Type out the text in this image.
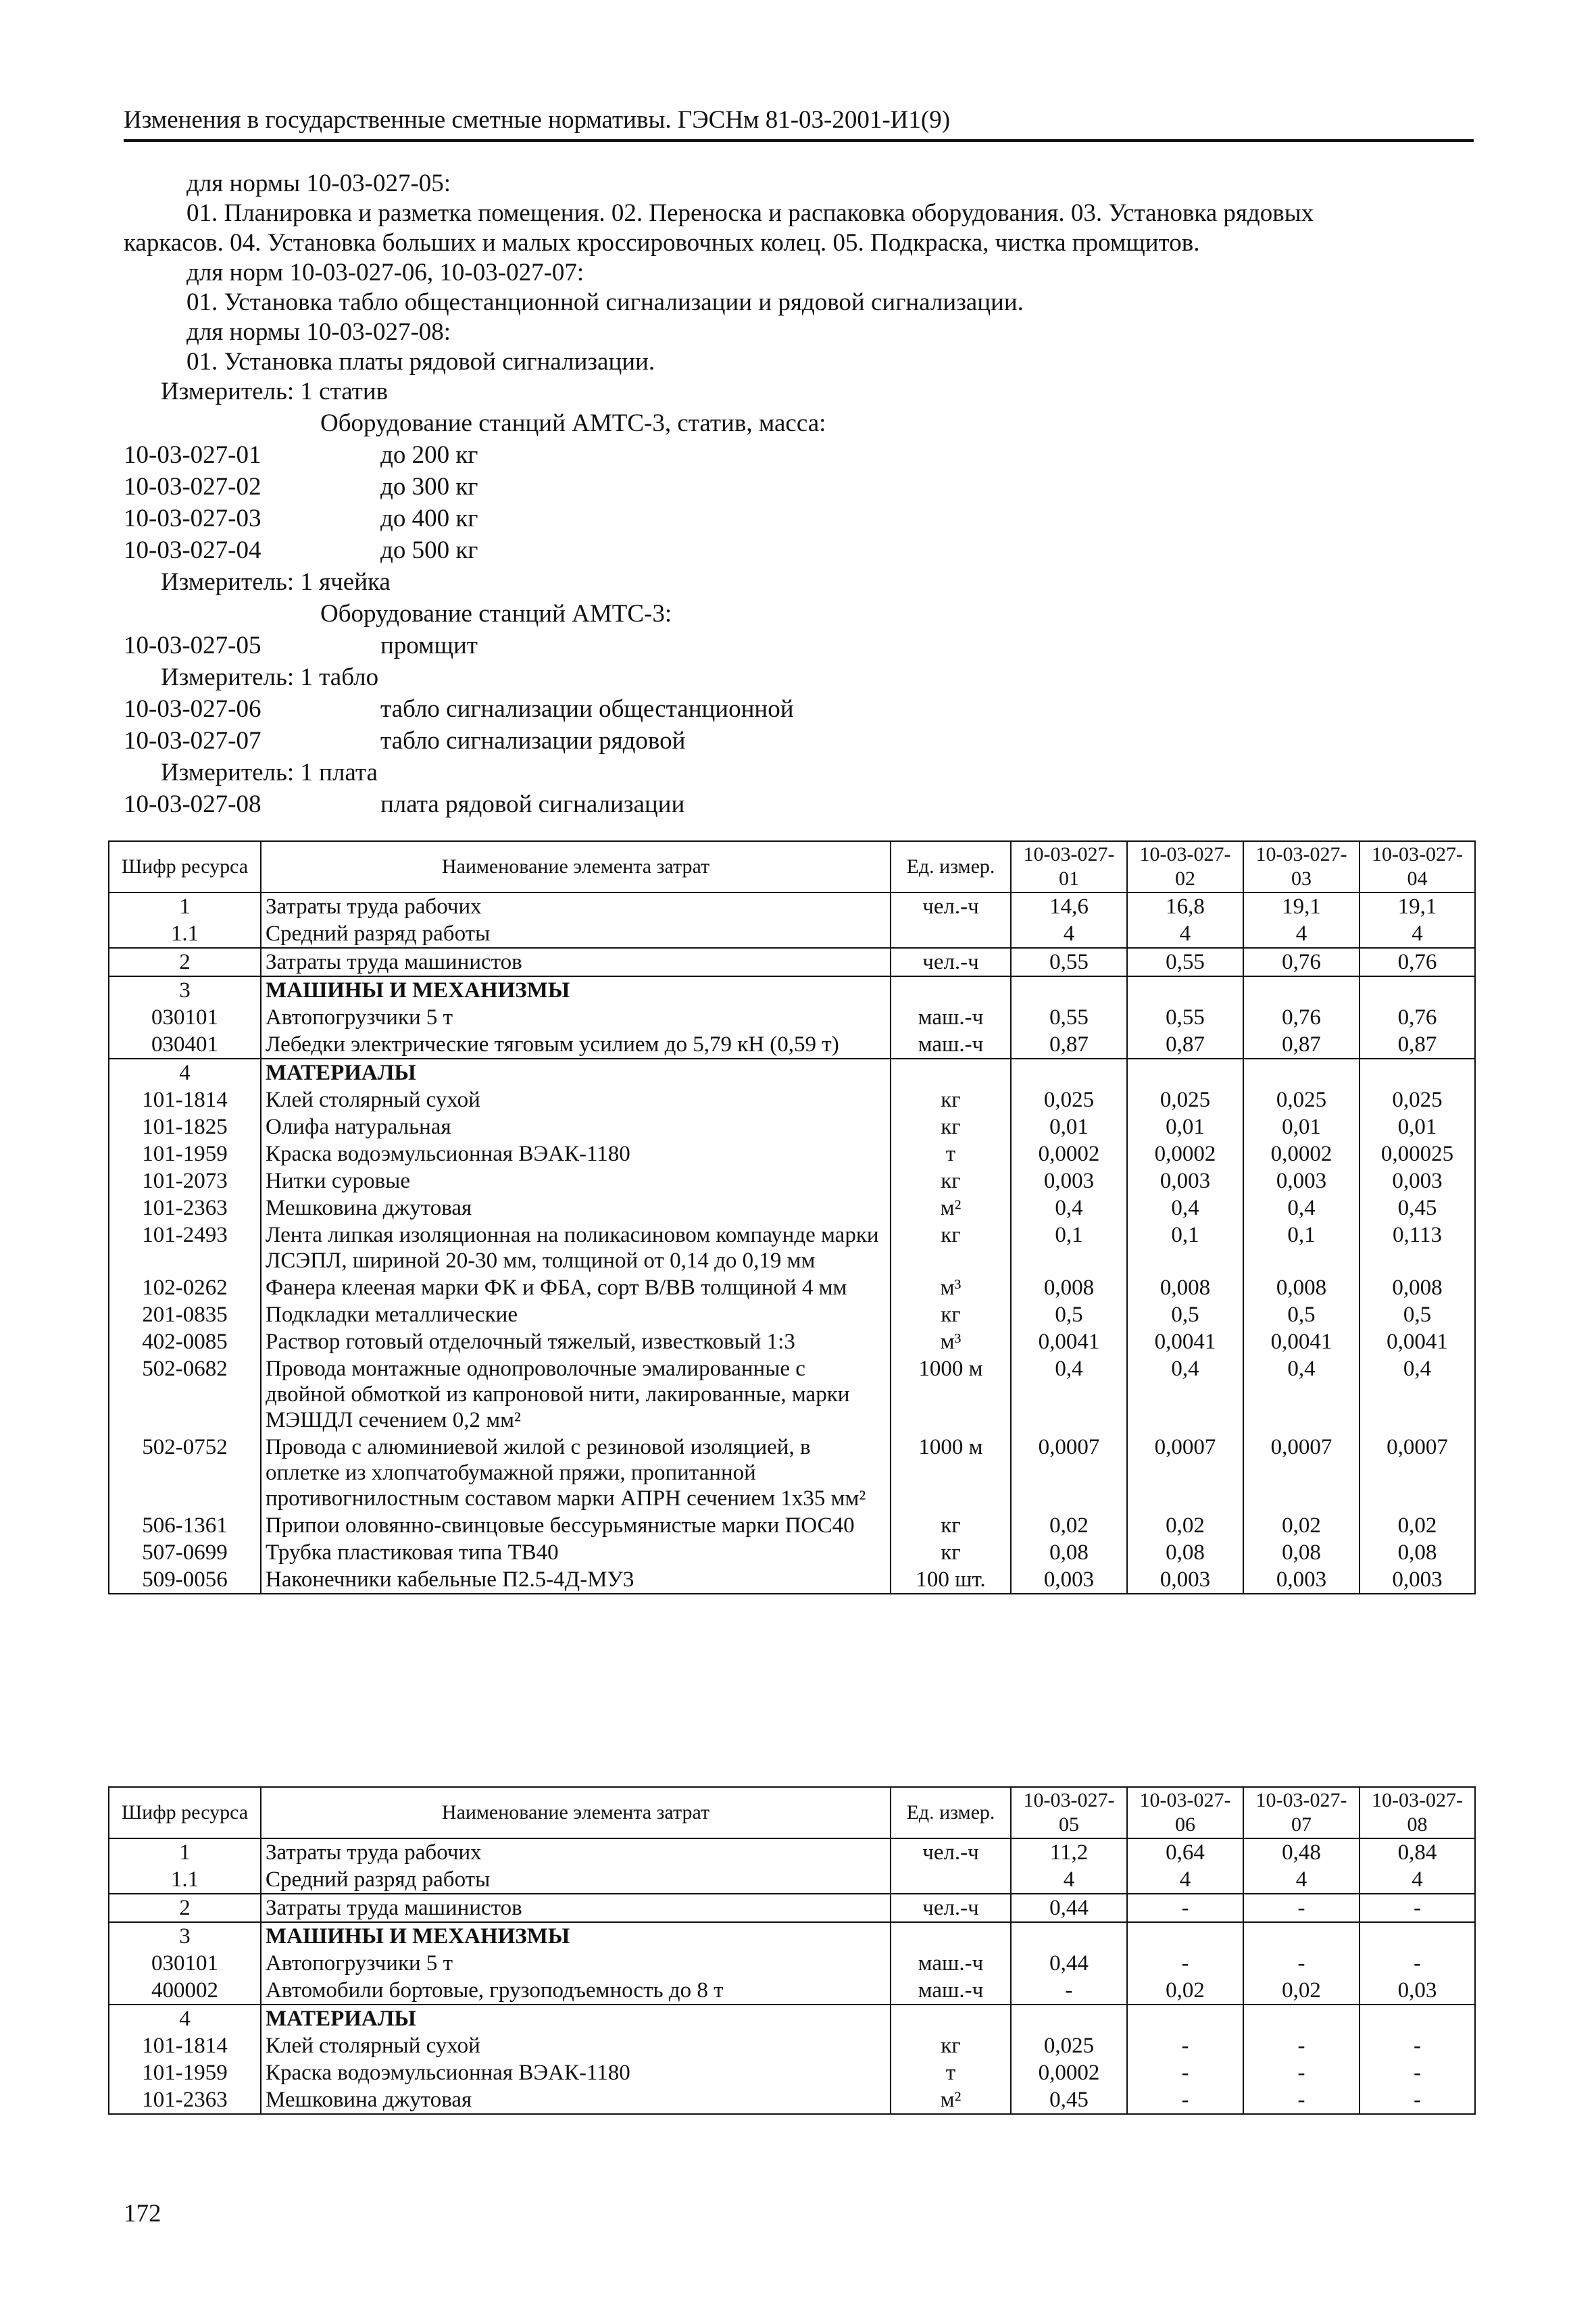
Изменения в государственные сметные нормативы. ГЭСНм 81-03-2001-И1(9)
для нормы 10-03-027-05:
01. Планировка и разметка помещения. 02. Переноска и распаковка оборудования. 03. Установка рядовых
каркасов. 04. Установка больших и малых кроссировочных колец. 05. Подкраска, чистка промщитов.
для норм 10-03-027-06, 10-03-027-07:
01. Установка табло общестанционной сигнализации и рядовой сигнализации.
для нормы 10-03-027-08:
01. Установка платы рядовой сигнализации.
Измеритель: 1 статив
Оборудование станций АМТС-3, статив, масса:
10-03-027-01	до 200 кг
10-03-027-02	до 300 кг
10-03-027-03	до 400 кг
10-03-027-04	до 500 кг
Измеритель: 1 ячейка
Оборудование станций АМТС-3:
10-03-027-05	промщит
Измеритель: 1 табло
10-03-027-06	табло сигнализации общестанционной
10-03-027-07	табло сигнализации рядовой
Измеритель: 1 плата
10-03-027-08	плата рядовой сигнализации
Шифр ресурса	Наименование элемента затрат	Ед. измер.	10-03-027-01	10-03-027-02	10-03-027-03	10-03-027-04
1	Затраты труда рабочих	чел.-ч	14,6	16,8	19,1	19,1
1.1	Средний разряд работы		4	4	4	4
2	Затраты труда машинистов	чел.-ч	0,55	0,55	0,76	0,76
3	МАШИНЫ И МЕХАНИЗМЫ					
030101	Автопогрузчики 5 т	маш.-ч	0,55	0,55	0,76	0,76
030401	Лебедки электрические тяговым усилием до 5,79 кН (0,59 т)	маш.-ч	0,87	0,87	0,87	0,87
4	МАТЕРИАЛЫ					
101-1814	Клей столярный сухой	кг	0,025	0,025	0,025	0,025
101-1825	Олифа натуральная	кг	0,01	0,01	0,01	0,01
101-1959	Краска водоэмульсионная ВЭАК-1180	т	0,0002	0,0002	0,0002	0,00025
101-2073	Нитки суровые	кг	0,003	0,003	0,003	0,003
101-2363	Мешковина джутовая	м²	0,4	0,4	0,4	0,45
101-2493	Лента липкая изоляционная на поликасиновом компаунде марки ЛСЭПЛ, шириной 20-30 мм, толщиной от 0,14 до 0,19 мм	кг	0,1	0,1	0,1	0,113
102-0262	Фанера клееная марки ФК и ФБА, сорт В/ВВ толщиной 4 мм	м³	0,008	0,008	0,008	0,008
201-0835	Подкладки металлические	кг	0,5	0,5	0,5	0,5
402-0085	Раствор готовый отделочный тяжелый, известковый 1:3	м³	0,0041	0,0041	0,0041	0,0041
502-0682	Провода монтажные однопроволочные эмалированные с двойной обмоткой из капроновой нити, лакированные, марки МЭШДЛ сечением 0,2 мм²	1000 м	0,4	0,4	0,4	0,4
502-0752	Провода с алюминиевой жилой с резиновой изоляцией, в оплетке из хлопчатобумажной пряжи, пропитанной противогнилостным составом марки АПРН сечением 1х35 мм²	1000 м	0,0007	0,0007	0,0007	0,0007
506-1361	Припои оловянно-свинцовые бессурьмянистые марки ПОС40	кг	0,02	0,02	0,02	0,02
507-0699	Трубка пластиковая типа ТВ40	кг	0,08	0,08	0,08	0,08
509-0056	Наконечники кабельные П2.5-4Д-МУ3	100 шт.	0,003	0,003	0,003	0,003
Шифр ресурса	Наименование элемента затрат	Ед. измер.	10-03-027-05	10-03-027-06	10-03-027-07	10-03-027-08
1	Затраты труда рабочих	чел.-ч	11,2	0,64	0,48	0,84
1.1	Средний разряд работы		4	4	4	4
2	Затраты труда машинистов	чел.-ч	0,44	-	-	-
3	МАШИНЫ И МЕХАНИЗМЫ					
030101	Автопогрузчики 5 т	маш.-ч	0,44	-	-	-
400002	Автомобили бортовые, грузоподъемность до 8 т	маш.-ч	-	0,02	0,02	0,03
4	МАТЕРИАЛЫ					
101-1814	Клей столярный сухой	кг	0,025	-	-	-
101-1959	Краска водоэмульсионная ВЭАК-1180	т	0,0002	-	-	-
101-2363	Мешковина джутовая	м²	0,45	-	-	-
172
